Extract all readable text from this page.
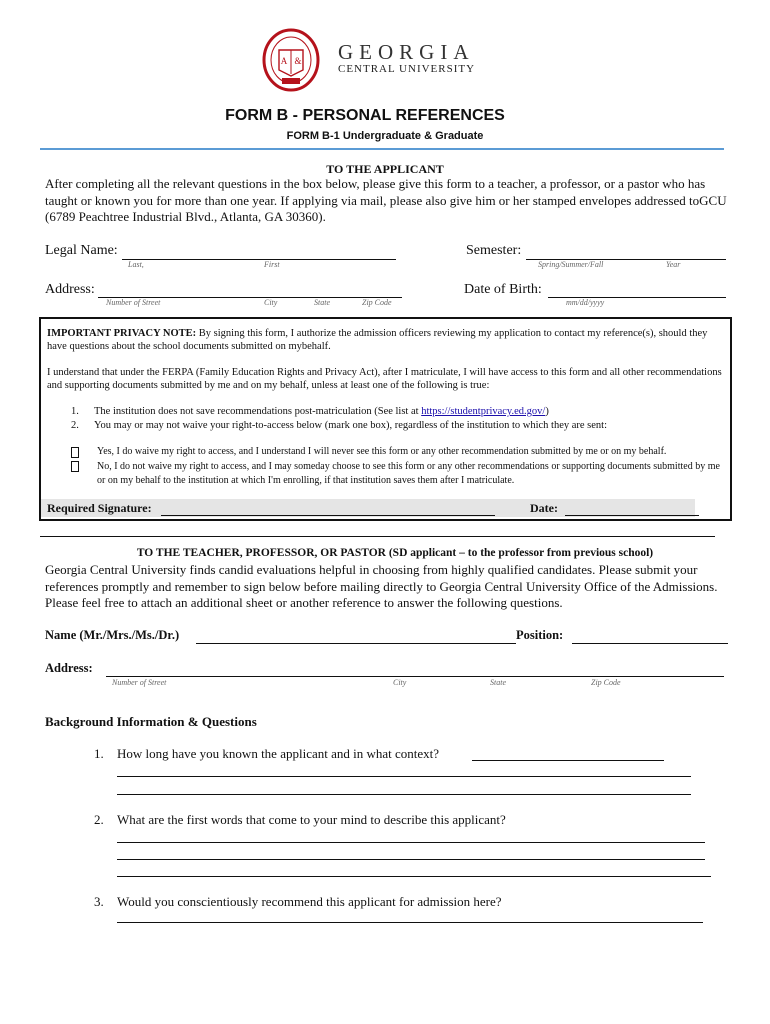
A & GEORGIA
CENTRAL UNIVERSITY
FORM B - PERSONAL REFERENCES
FORM B-1 Undergraduate & Graduate
TO THE APPLICANT
After completing all the relevant questions in the box below, please give this form to a teacher, a professor, or a pastor who has taught or known you for more than one year. If applying via mail, please also give him or her stamped envelopes addressed toGCU (6789 Peachtree Industrial Blvd., Atlanta, GA 30360).
Legal Name:
Last,	First
Semester:
Spring/Summer/Fall	Year
Address:
Number of Street	City	State	Zip Code
Date of Birth:
mm/dd/yyyy
IMPORTANT PRIVACY NOTE: By signing this form, I authorize the admission officers reviewing my application to contact my reference(s), should they have questions about the school documents submitted on mybehalf.
I understand that under the FERPA (Family Education Rights and Privacy Act), after I matriculate, I will have access to this form and all other recommendations and supporting documents submitted by me and on my behalf, unless at least one of the following is true:
1. The institution does not save recommendations post-matriculation (See list at https://studentprivacy.ed.gov/)
2. You may or may not waive your right-to-access below (mark one box), regardless of the institution to which they are sent:
Yes, I do waive my right to access, and I understand I will never see this form or any other recommendation submitted by me or on my behalf.
No, I do not waive my right to access, and I may someday choose to see this form or any other recommendations or supporting documents submitted by me or on my behalf to the institution at which I'm enrolling, if that institution saves them after I matriculate.
Required Signature:	Date:
TO THE TEACHER, PROFESSOR, OR PASTOR (SD applicant – to the professor from previous school)
Georgia Central University finds candid evaluations helpful in choosing from highly qualified candidates. Please submit your references promptly and remember to sign below before mailing directly to Georgia Central University Office of the Admissions. Please feel free to attach an additional sheet or another reference to answer the following questions.
Name (Mr./Mrs./Ms./Dr.)	Position:
Address:
Number of Street	City	State	Zip Code
Background Information & Questions
1. How long have you known the applicant and in what context?
2. What are the first words that come to your mind to describe this applicant?
3. Would you conscientiously recommend this applicant for admission here?
